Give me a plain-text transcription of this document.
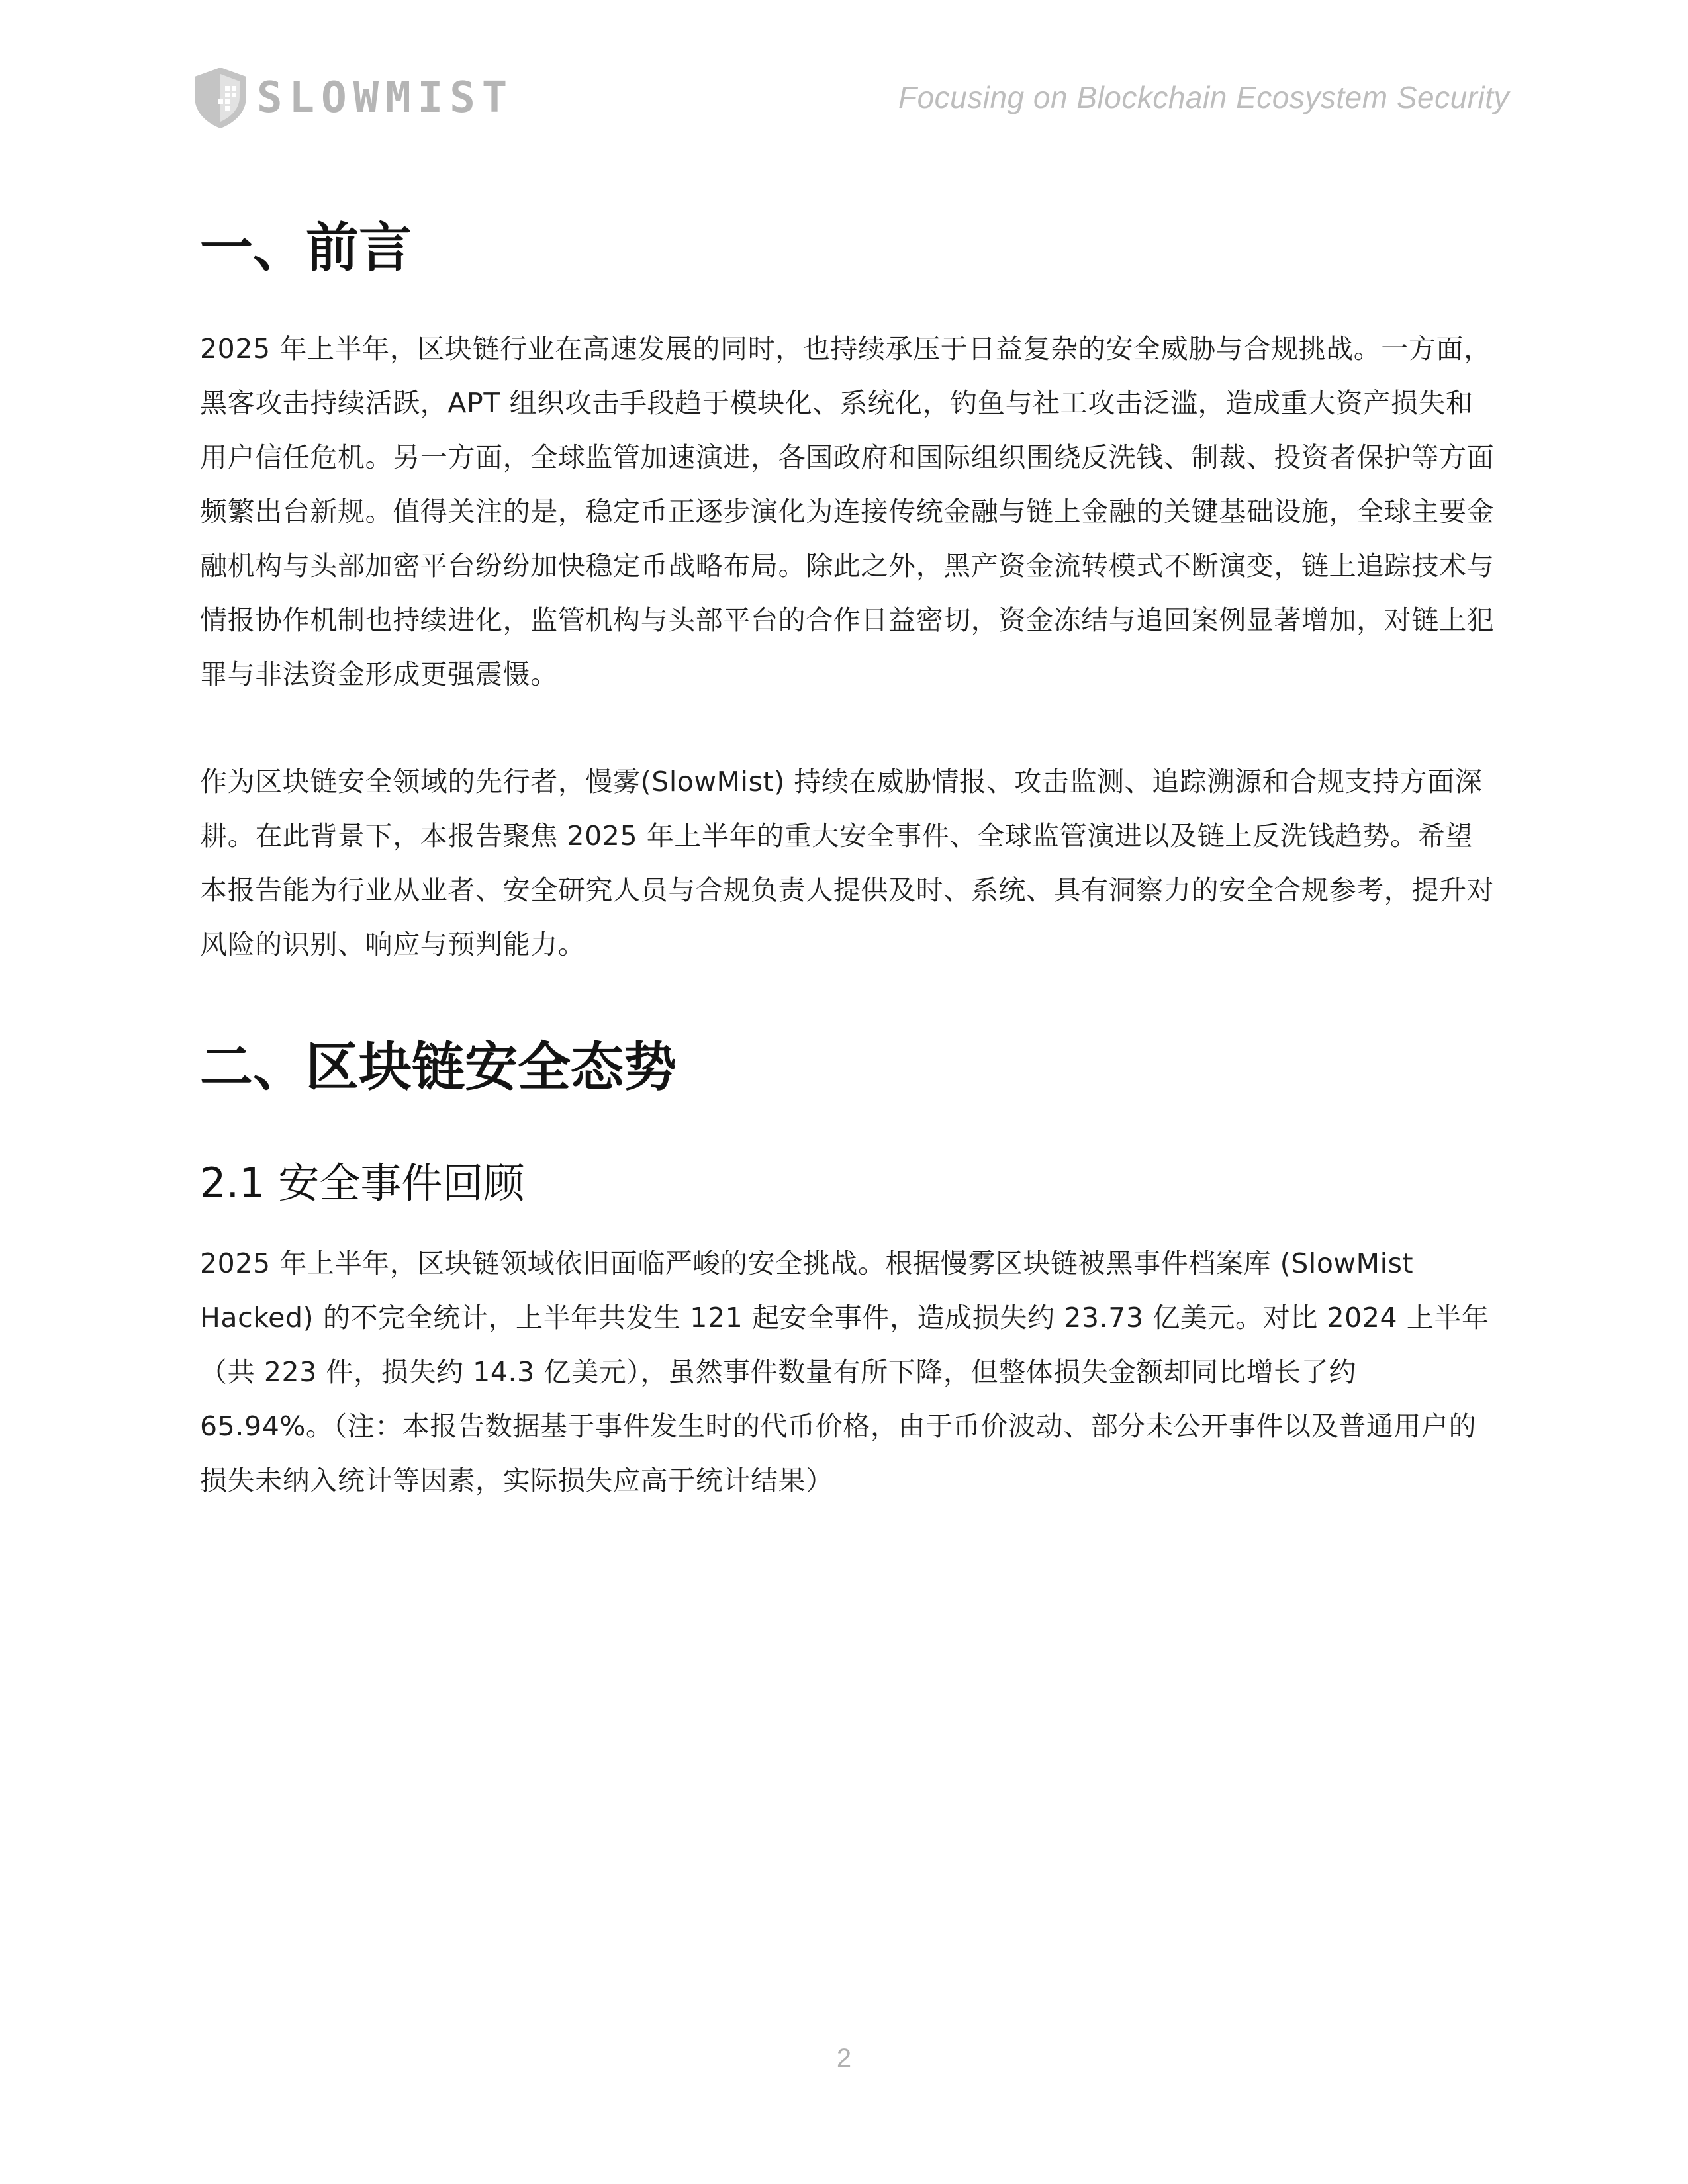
SLOWMIST	Focusing on Blockchain Ecosystem Security
一、前言

2025 年上半年，区块链行业在高速发展的同时，也持续承压于日益复杂的安全威胁与合规挑战。一方面，黑客攻击持续活跃，APT 组织攻击手段趋于模块化、系统化，钓鱼与社工攻击泛滥，造成重大资产损失和用户信任危机。另一方面，全球监管加速演进，各国政府和国际组织围绕反洗钱、制裁、投资者保护等方面频繁出台新规。值得关注的是，稳定币正逐步演化为连接传统金融与链上金融的关键基础设施，全球主要金融机构与头部加密平台纷纷加快稳定币战略布局。除此之外，黑产资金流转模式不断演变，链上追踪技术与情报协作机制也持续进化，监管机构与头部平台的合作日益密切，资金冻结与追回案例显著增加，对链上犯罪与非法资金形成更强震慑。

作为区块链安全领域的先行者，慢雾(SlowMist) 持续在威胁情报、攻击监测、追踪溯源和合规支持方面深耕。在此背景下，本报告聚焦 2025 年上半年的重大安全事件、全球监管演进以及链上反洗钱趋势。希望本报告能为行业从业者、安全研究人员与合规负责人提供及时、系统、具有洞察力的安全合规参考，提升对风险的识别、响应与预判能力。

二、区块链安全态势
2.1 安全事件回顾

2025 年上半年，区块链领域依旧面临严峻的安全挑战。根据慢雾区块链被黑事件档案库 (SlowMist Hacked) 的不完全统计，上半年共发生 121 起安全事件，造成损失约 23.73 亿美元。对比 2024 上半年（共 223 件，损失约 14.3 亿美元），虽然事件数量有所下降，但整体损失金额却同比增长了约 65.94%。（注：本报告数据基于事件发生时的代币价格，由于币价波动、部分未公开事件以及普通用户的损失未纳入统计等因素，实际损失应高于统计结果）

2
